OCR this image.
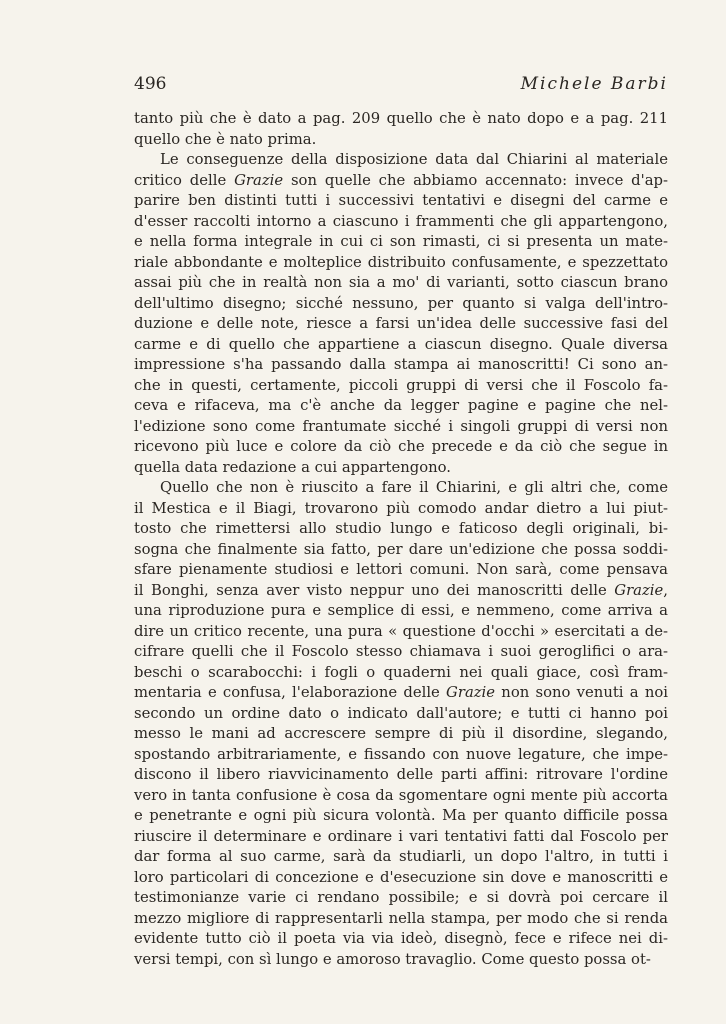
496	Michele Barbi

tanto più che è dato a pag. 209 quello che è nato dopo e a pag. 211
quello che è nato prima.

Le conseguenze della disposizione data dal Chiarini al materiale
critico delle Grazie son quelle che abbiamo accennato: invece d'ap-
parire ben distinti tutti i successivi tentativi e disegni del carme e
d'esser raccolti intorno a ciascuno i frammenti che gli appartengono,
e nella forma integrale in cui ci son rimasti, ci si presenta un mate-
riale abbondante e molteplice distribuito confusamente, e spezzettato
assai più che in realtà non sia a mo' di varianti, sotto ciascun brano
dell'ultimo disegno; sicché nessuno, per quanto si valga dell'intro-
duzione e delle note, riesce a farsi un'idea delle successive fasi del
carme e di quello che appartiene a ciascun disegno. Quale diversa
impressione s'ha passando dalla stampa ai manoscritti! Ci sono an-
che in questi, certamente, piccoli gruppi di versi che il Foscolo fa-
ceva e rifaceva, ma c'è anche da legger pagine e pagine che nel-
l'edizione sono come frantumate sicché i singoli gruppi di versi non
ricevono più luce e colore da ciò che precede e da ciò che segue in
quella data redazione a cui appartengono.

Quello che non è riuscito a fare il Chiarini, e gli altri che, come
il Mestica e il Biagi, trovarono più comodo andar dietro a lui piut-
tosto che rimettersi allo studio lungo e faticoso degli originali, bi-
sogna che finalmente sia fatto, per dare un'edizione che possa soddi-
sfare pienamente studiosi e lettori comuni. Non sarà, come pensava
il Bonghi, senza aver visto neppur uno dei manoscritti delle Grazie,
una riproduzione pura e semplice di essi, e nemmeno, come arriva a
dire un critico recente, una pura « questione d'occhi » esercitati a de-
cifrare quelli che il Foscolo stesso chiamava i suoi geroglifici o ara-
beschi o scarabocchi: i fogli o quaderni nei quali giace, così fram-
mentaria e confusa, l'elaborazione delle Grazie non sono venuti a noi
secondo un ordine dato o indicato dall'autore; e tutti ci hanno poi
messo le mani ad accrescere sempre di più il disordine, slegando,
spostando arbitrariamente, e fissando con nuove legature, che impe-
discono il libero riavvicinamento delle parti affini: ritrovare l'ordine
vero in tanta confusione è cosa da sgomentare ogni mente più accorta
e penetrante e ogni più sicura volontà. Ma per quanto difficile possa
riuscire il determinare e ordinare i vari tentativi fatti dal Foscolo per
dar forma al suo carme, sarà da studiarli, un dopo l'altro, in tutti i
loro particolari di concezione e d'esecuzione sin dove e manoscritti e
testimonianze varie ci rendano possibile; e si dovrà poi cercare il
mezzo migliore di rappresentarli nella stampa, per modo che si renda
evidente tutto ciò il poeta via via ideò, disegnò, fece e rifece nei di-
versi tempi, con sì lungo e amoroso travaglio. Come questo possa ot-
